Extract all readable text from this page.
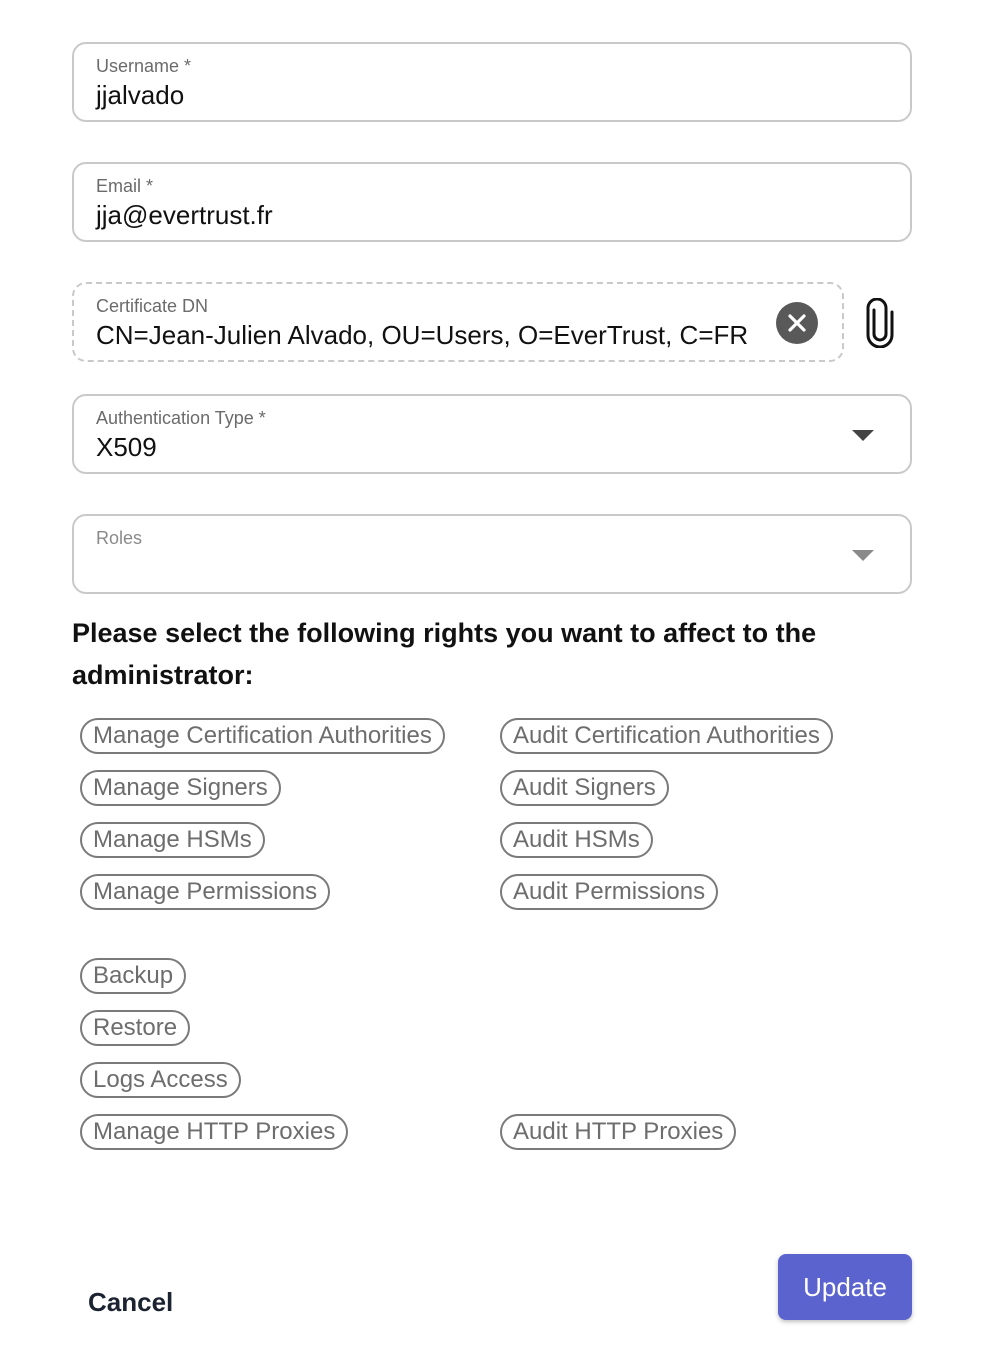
Username *
jjalvado
Email *
jja@evertrust.fr
Certificate DN
CN=Jean-Julien Alvado, OU=Users, O=EverTrust, C=FR
Authentication Type *
X509
Roles
Please select the following rights you want to affect to the administrator:
Manage Certification Authorities
Manage Signers
Manage HSMs
Manage Permissions
Audit Certification Authorities
Audit Signers
Audit HSMs
Audit Permissions
Backup
Restore
Logs Access
Manage HTTP Proxies	Audit HTTP Proxies
Cancel	Update
